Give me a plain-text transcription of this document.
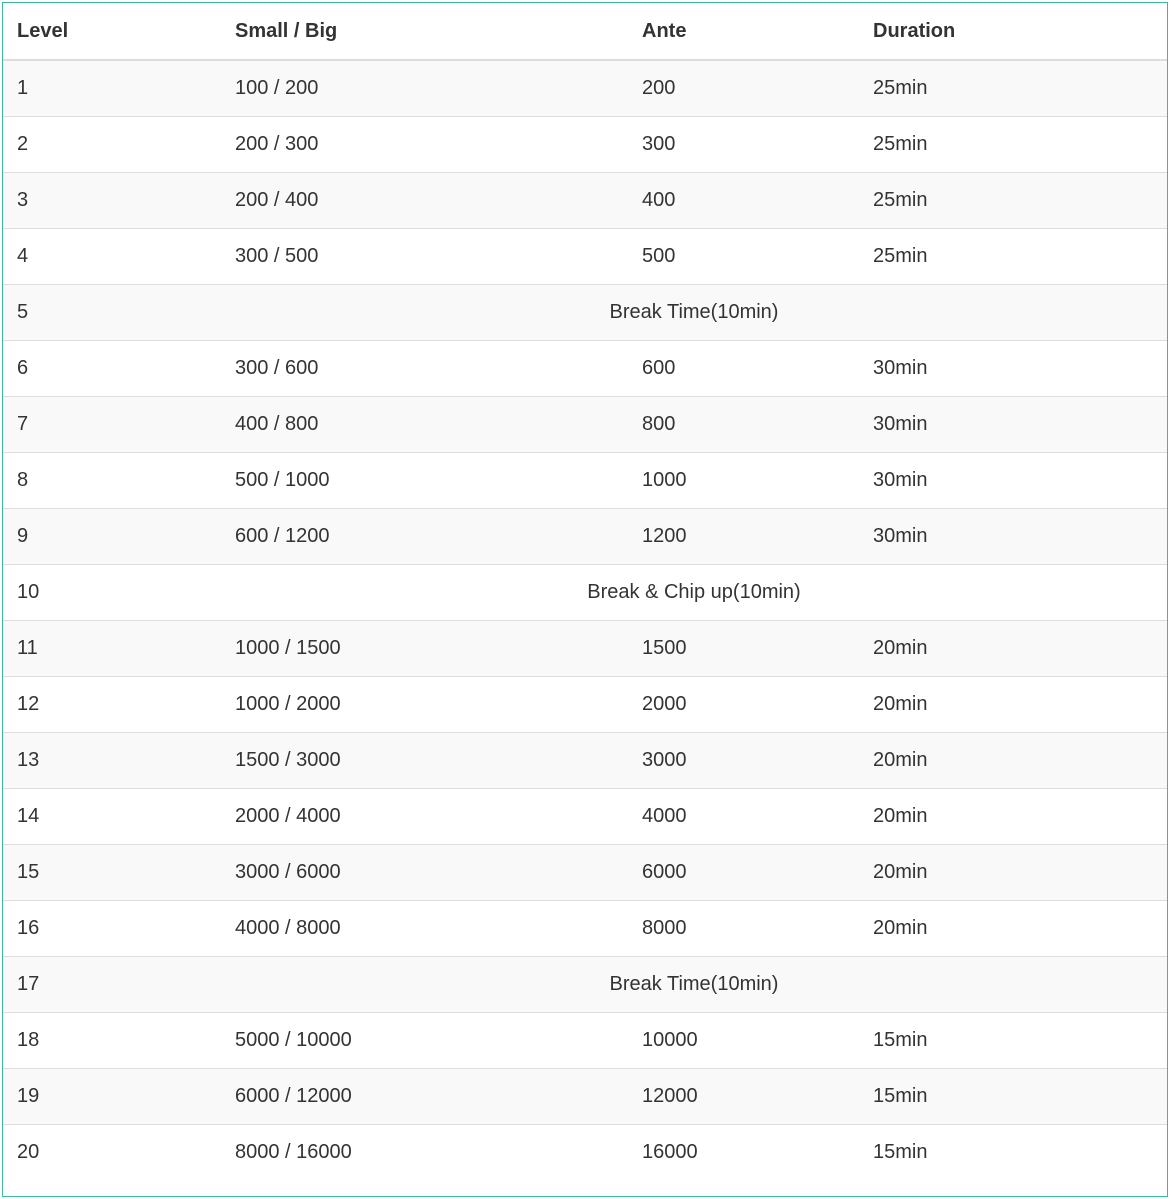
Level	Small / Big	Ante	Duration
1	100 / 200	200	25min
2	200 / 300	300	25min
3	200 / 400	400	25min
4	300 / 500	500	25min
5	Break Time(10min)		
6	300 / 600	600	30min
7	400 / 800	800	30min
8	500 / 1000	1000	30min
9	600 / 1200	1200	30min
10	Break & Chip up(10min)		
11	1000 / 1500	1500	20min
12	1000 / 2000	2000	20min
13	1500 / 3000	3000	20min
14	2000 / 4000	4000	20min
15	3000 / 6000	6000	20min
16	4000 / 8000	8000	20min
17	Break Time(10min)		
18	5000 / 10000	10000	15min
19	6000 / 12000	12000	15min
20	8000 / 16000	16000	15min
